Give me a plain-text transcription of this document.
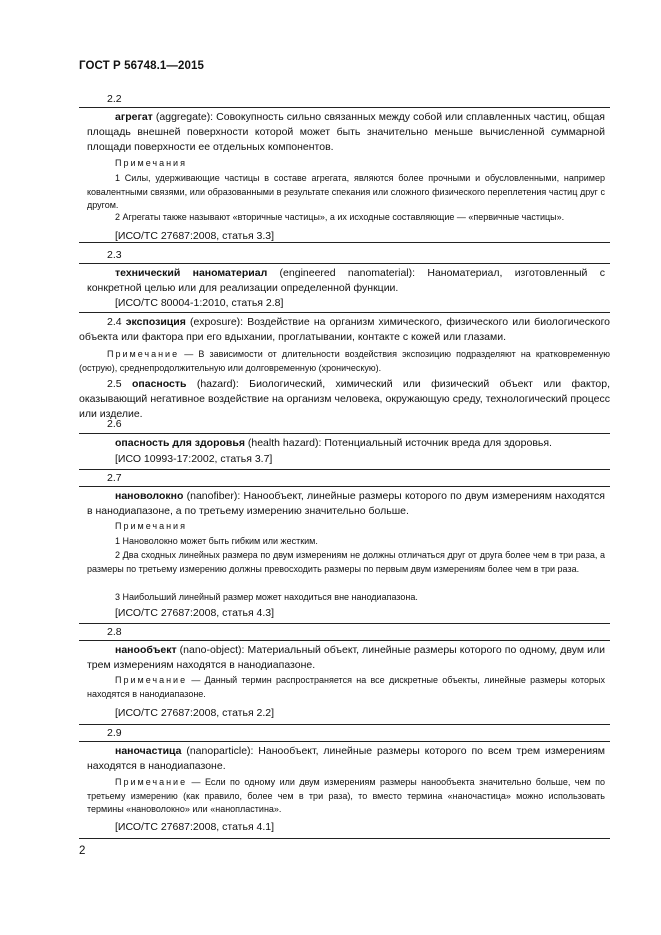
ГОСТ Р 56748.1—2015
2.2

агрегат (aggregate): Совокупность сильно связанных между собой или сплавленных частиц, общая площадь внешней поверхности которой может быть значительно меньше вычисленной суммарной площади поверхности ее отдельных компонентов.

Примечания

1 Силы, удерживающие частицы в составе агрегата, являются более прочными и обусловленными, например ковалентными связями, или образованными в результате спекания или сложного физического переплетения частиц друг с другом.

2 Агрегаты также называют «вторичные частицы», а их исходные составляющие — «первичные частицы».

[ИСО/ТС 27687:2008, статья 3.3]

2.3

технический наноматериал (engineered nanomaterial): Наноматериал, изготовленный с конкретной целью или для реализации определенной функции.

[ИСО/ТС 80004-1:2010, статья 2.8]

2.4 экспозиция (exposure): Воздействие на организм химического, физического или биологического объекта или фактора при его вдыхании, проглатывании, контакте с кожей или глазами.

Примечание — В зависимости от длительности воздействия экспозицию подразделяют на кратковременную (острую), среднепродолжительную или долговременную (хроническую).

2.5 опасность (hazard): Биологический, химический или физический объект или фактор, оказывающий негативное воздействие на организм человека, окружающую среду, технологический процесс или изделие.

2.6

опасность для здоровья (health hazard): Потенциальный источник вреда для здоровья.

[ИСО 10993-17:2002, статья 3.7]

2.7

нановолокно (nanofiber): Нанообъект, линейные размеры которого по двум измерениям находятся в нанодиапазоне, а по третьему измерению значительно больше.

Примечания

1 Нановолокно может быть гибким или жестким.

2 Два сходных линейных размера по двум измерениям не должны отличаться друг от друга более чем в три раза, а размеры по третьему измерению должны превосходить размеры по первым двум измерениям более чем в три раза.

3 Наибольший линейный размер может находиться вне нанодиапазона.

[ИСО/ТС 27687:2008, статья 4.3]

2.8

нанообъект (nano-object): Материальный объект, линейные размеры которого по одному, двум или трем измерениям находятся в нанодиапазоне.

Примечание — Данный термин распространяется на все дискретные объекты, линейные размеры которых находятся в нанодиапазоне.

[ИСО/ТС 27687:2008, статья 2.2]

2.9

наночастица (nanoparticle): Нанообъект, линейные размеры которого по всем трем измерениям находятся в нанодиапазоне.

Примечание — Если по одному или двум измерениям размеры нанообъекта значительно больше, чем по третьему измерению (как правило, более чем в три раза), то вместо термина «наночастица» можно использовать термины «нановолокно» или «нанопластина».

[ИСО/ТС 27687:2008, статья 4.1]

2
